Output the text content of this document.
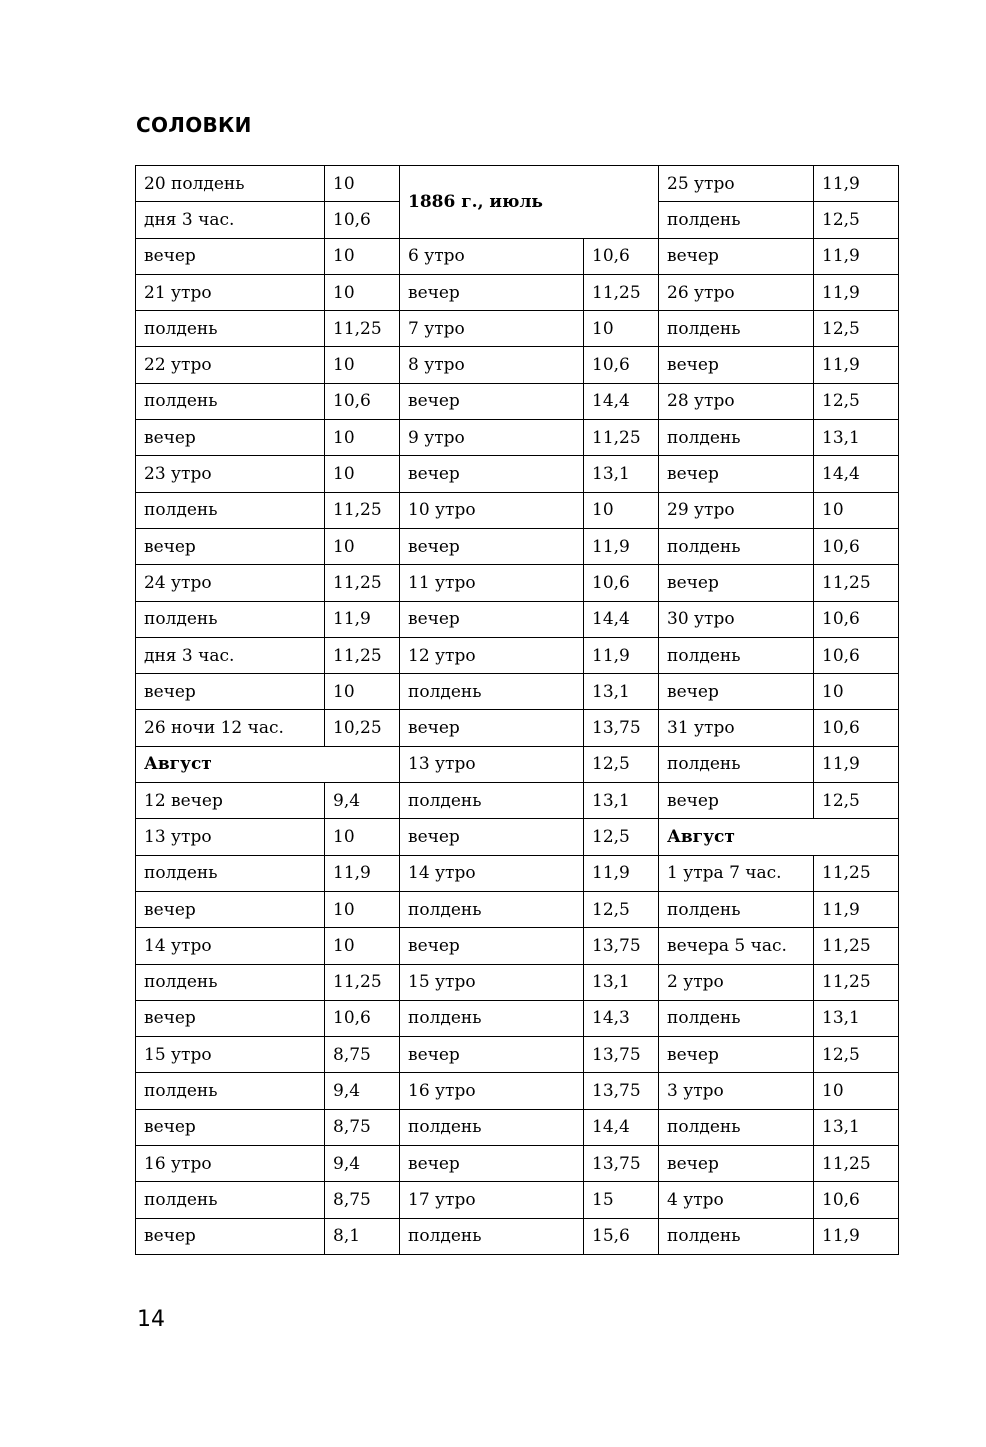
СОЛОВКИ
20 полдень	10	1886 г., июль		25 утро	11,9
дня 3 час.	10,6			полдень	12,5
вечер	10	6 утро	10,6	вечер	11,9
21 утро	10	вечер	11,25	26 утро	11,9
полдень	11,25	7 утро	10	полдень	12,5
22 утро	10	8 утро	10,6	вечер	11,9
полдень	10,6	вечер	14,4	28 утро	12,5
вечер	10	9 утро	11,25	полдень	13,1
23 утро	10	вечер	13,1	вечер	14,4
полдень	11,25	10 утро	10	29 утро	10
вечер	10	вечер	11,9	полдень	10,6
24 утро	11,25	11 утро	10,6	вечер	11,25
полдень	11,9	вечер	14,4	30 утро	10,6
дня 3 час.	11,25	12 утро	11,9	полдень	10,6
вечер	10	полдень	13,1	вечер	10
26 ночи 12 час.	10,25	вечер	13,75	31 утро	10,6
Август		13 утро	12,5	полдень	11,9
12 вечер	9,4	полдень	13,1	вечер	12,5
13 утро	10	вечер	12,5	Август	
полдень	11,9	14 утро	11,9	1 утра 7 час.	11,25
вечер	10	полдень	12,5	полдень	11,9
14 утро	10	вечер	13,75	вечера 5 час.	11,25
полдень	11,25	15 утро	13,1	2 утро	11,25
вечер	10,6	полдень	14,3	полдень	13,1
15 утро	8,75	вечер	13,75	вечер	12,5
полдень	9,4	16 утро	13,75	3 утро	10
вечер	8,75	полдень	14,4	полдень	13,1
16 утро	9,4	вечер	13,75	вечер	11,25
полдень	8,75	17 утро	15	4 утро	10,6
вечер	8,1	полдень	15,6	полдень	11,9
14
